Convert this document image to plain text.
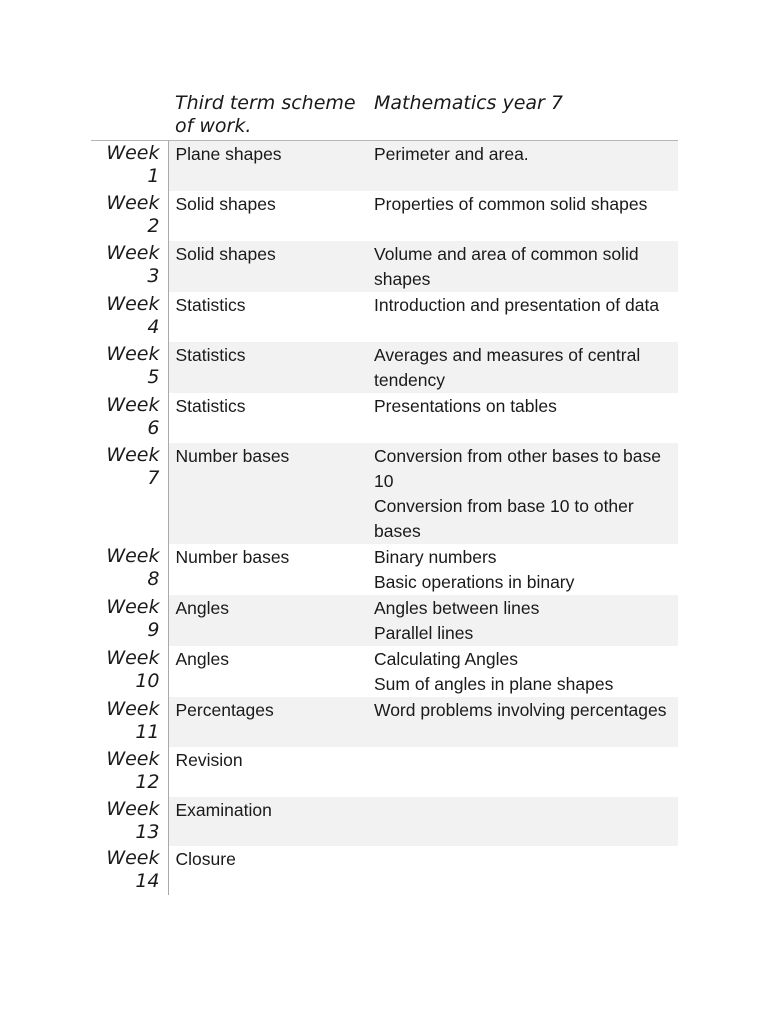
	Third term scheme of work.	Mathematics year 7

Week
1	Plane shapes	Perimeter and area.

Week
2	Solid shapes	Properties of common solid shapes

Week
3	Solid shapes	Volume and area of common solid shapes

Week
4	Statistics	Introduction and presentation of data

Week
5	Statistics	Averages and measures of central tendency

Week
6	Statistics	Presentations on tables

Week
7	Number bases	Conversion from other bases to base 10
Conversion from base 10 to other bases

Week
8	Number bases	Binary numbers
Basic operations in binary

Week
9	Angles	Angles between lines
Parallel lines

Week
10	Angles	Calculating Angles
Sum of angles in plane shapes

Week
11	Percentages	Word problems involving percentages

Week
12	Revision	

Week
13	Examination	

Week
14	Closure	
